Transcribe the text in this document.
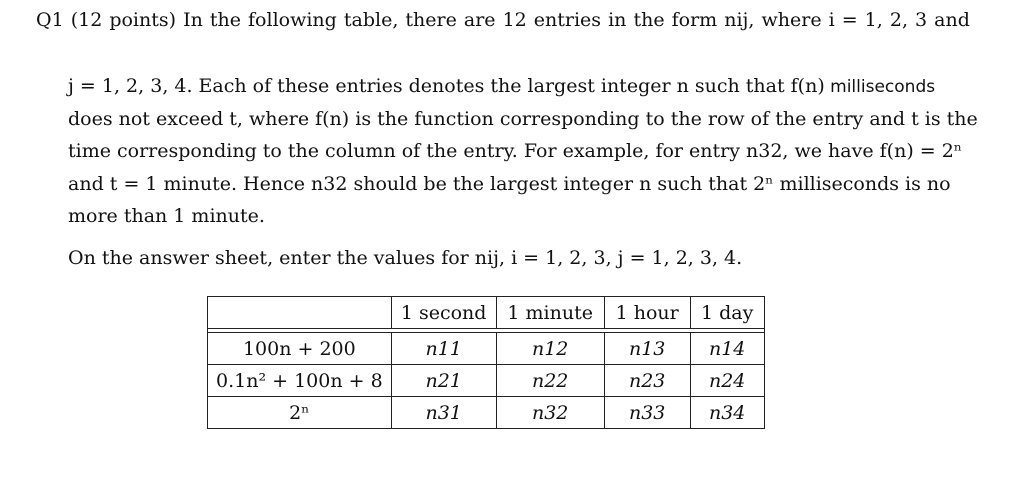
Q1 (12 points) In the following table, there are 12 entries in the form nij, where i = 1, 2, 3 and
j = 1, 2, 3, 4. Each of these entries denotes the largest integer n such that f(n) milliseconds
does not exceed t, where f(n) is the function corresponding to the row of the entry and t is the
time corresponding to the column of the entry. For example, for entry n32, we have f(n) = 2ⁿ
and t = 1 minute. Hence n32 should be the largest integer n such that 2ⁿ milliseconds is no
more than 1 minute.
On the answer sheet, enter the values for nij, i = 1, 2, 3, j = 1, 2, 3, 4.
	1 second	1 minute	1 hour	1 day

100n + 200	n11	n12	n13	n14
0.1n² + 100n + 8	n21	n22	n23	n24
2ⁿ	n31	n32	n33	n34
